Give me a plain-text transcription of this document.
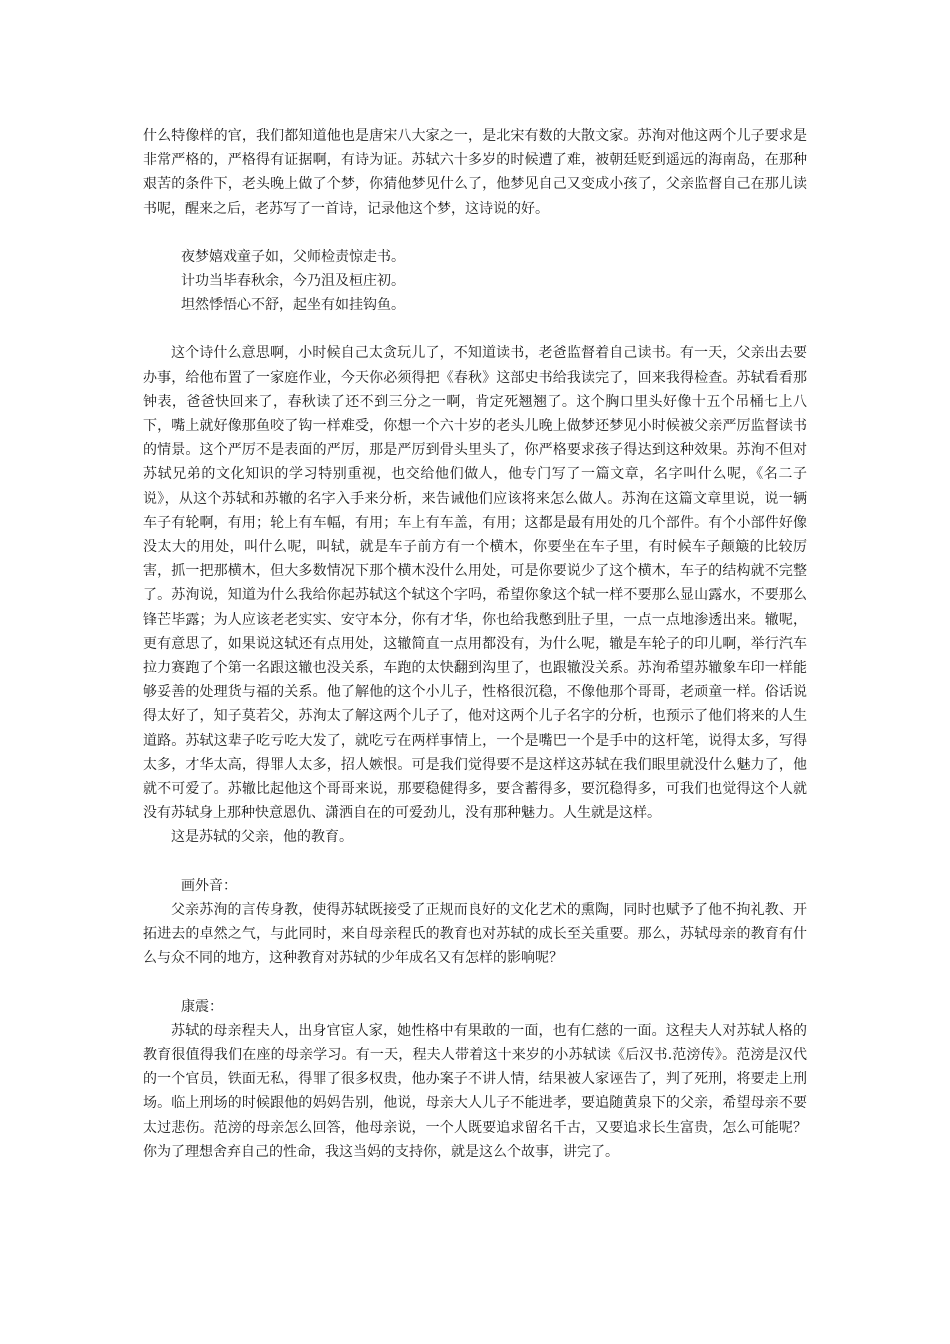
什么特像样的官，我们都知道他也是唐宋八大家之一，是北宋有数的大散文家。苏洵对他这两个儿子要求是非常严格的，严格得有证据啊，有诗为证。苏轼六十多岁的时候遭了难，被朝廷贬到遥远的海南岛，在那种艰苦的条件下，老头晚上做了个梦，你猜他梦见什么了，他梦见自己又变成小孩了，父亲监督自己在那儿读书呢，醒来之后，老苏写了一首诗，记录他这个梦，这诗说的好。

夜梦嬉戏童子如，父师检责惊走书。

计功当毕春秋余，今乃沮及桓庄初。

坦然悸悟心不舒，起坐有如挂钩鱼。

这个诗什么意思啊，小时候自己太贪玩儿了，不知道读书，老爸监督着自己读书。有一天，父亲出去要办事，给他布置了一家庭作业，今天你必须得把《春秋》这部史书给我读完了，回来我得检查。苏轼看看那钟表，爸爸快回来了，春秋读了还不到三分之一啊，肯定死翘翘了。这个胸口里头好像十五个吊桶七上八下，嘴上就好像那鱼咬了钩一样难受，你想一个六十岁的老头儿晚上做梦还梦见小时候被父亲严厉监督读书的情景。这个严厉不是表面的严厉，那是严厉到骨头里头了，你严格要求孩子得达到这种效果。苏洵不但对苏轼兄弟的文化知识的学习特别重视，也交给他们做人，他专门写了一篇文章，名字叫什么呢，《名二子说》，从这个苏轼和苏辙的名字入手来分析，来告诫他们应该将来怎么做人。苏洵在这篇文章里说，说一辆车子有轮啊，有用；轮上有车幅，有用；车上有车盖，有用；这都是最有用处的几个部件。有个小部件好像没太大的用处，叫什么呢，叫轼，就是车子前方有一个横木，你要坐在车子里，有时候车子颠簸的比较厉害，抓一把那横木，但大多数情况下那个横木没什么用处，可是你要说少了这个横木，车子的结构就不完整了。苏洵说，知道为什么我给你起苏轼这个轼这个字吗，希望你象这个轼一样不要那么显山露水，不要那么锋芒毕露；为人应该老老实实、安守本分，你有才华，你也给我憋到肚子里，一点一点地渗透出来。辙呢，更有意思了，如果说这轼还有点用处，这辙简直一点用都没有，为什么呢，辙是车轮子的印儿啊，举行汽车拉力赛跑了个第一名跟这辙也没关系，车跑的太快翻到沟里了，也跟辙没关系。苏洵希望苏辙象车印一样能够妥善的处理货与福的关系。他了解他的这个小儿子，性格很沉稳，不像他那个哥哥，老顽童一样。俗话说得太好了，知子莫若父，苏洵太了解这两个儿子了，他对这两个儿子名字的分析，也预示了他们将来的人生道路。苏轼这辈子吃亏吃大发了，就吃亏在两样事情上，一个是嘴巴一个是手中的这杆笔，说得太多，写得太多，才华太高，得罪人太多，招人嫉恨。可是我们觉得要不是这样这苏轼在我们眼里就没什么魅力了，他就不可爱了。苏辙比起他这个哥哥来说，那要稳健得多，要含蓄得多，要沉稳得多，可我们也觉得这个人就没有苏轼身上那种快意恩仇、潇洒自在的可爱劲儿，没有那种魅力。人生就是这样。

这是苏轼的父亲，他的教育。

画外音：

父亲苏洵的言传身教，使得苏轼既接受了正规而良好的文化艺术的熏陶，同时也赋予了他不拘礼教、开拓进去的卓然之气，与此同时，来自母亲程氏的教育也对苏轼的成长至关重要。那么，苏轼母亲的教育有什么与众不同的地方，这种教育对苏轼的少年成名又有怎样的影响呢？

康震：

苏轼的母亲程夫人，出身官宦人家，她性格中有果敢的一面，也有仁慈的一面。这程夫人对苏轼人格的教育很值得我们在座的母亲学习。有一天，程夫人带着这十来岁的小苏轼读《后汉书.范滂传》。范滂是汉代的一个官员，铁面无私，得罪了很多权贵，他办案子不讲人情，结果被人家诬告了，判了死刑，将要走上刑场。临上刑场的时候跟他的妈妈告别，他说，母亲大人儿子不能进孝，要追随黄泉下的父亲，希望母亲不要太过悲伤。范滂的母亲怎么回答，他母亲说，一个人既要追求留名千古，又要追求长生富贵，怎么可能呢？你为了理想舍弃自己的性命，我这当妈的支持你，就是这么个故事，讲完了。
